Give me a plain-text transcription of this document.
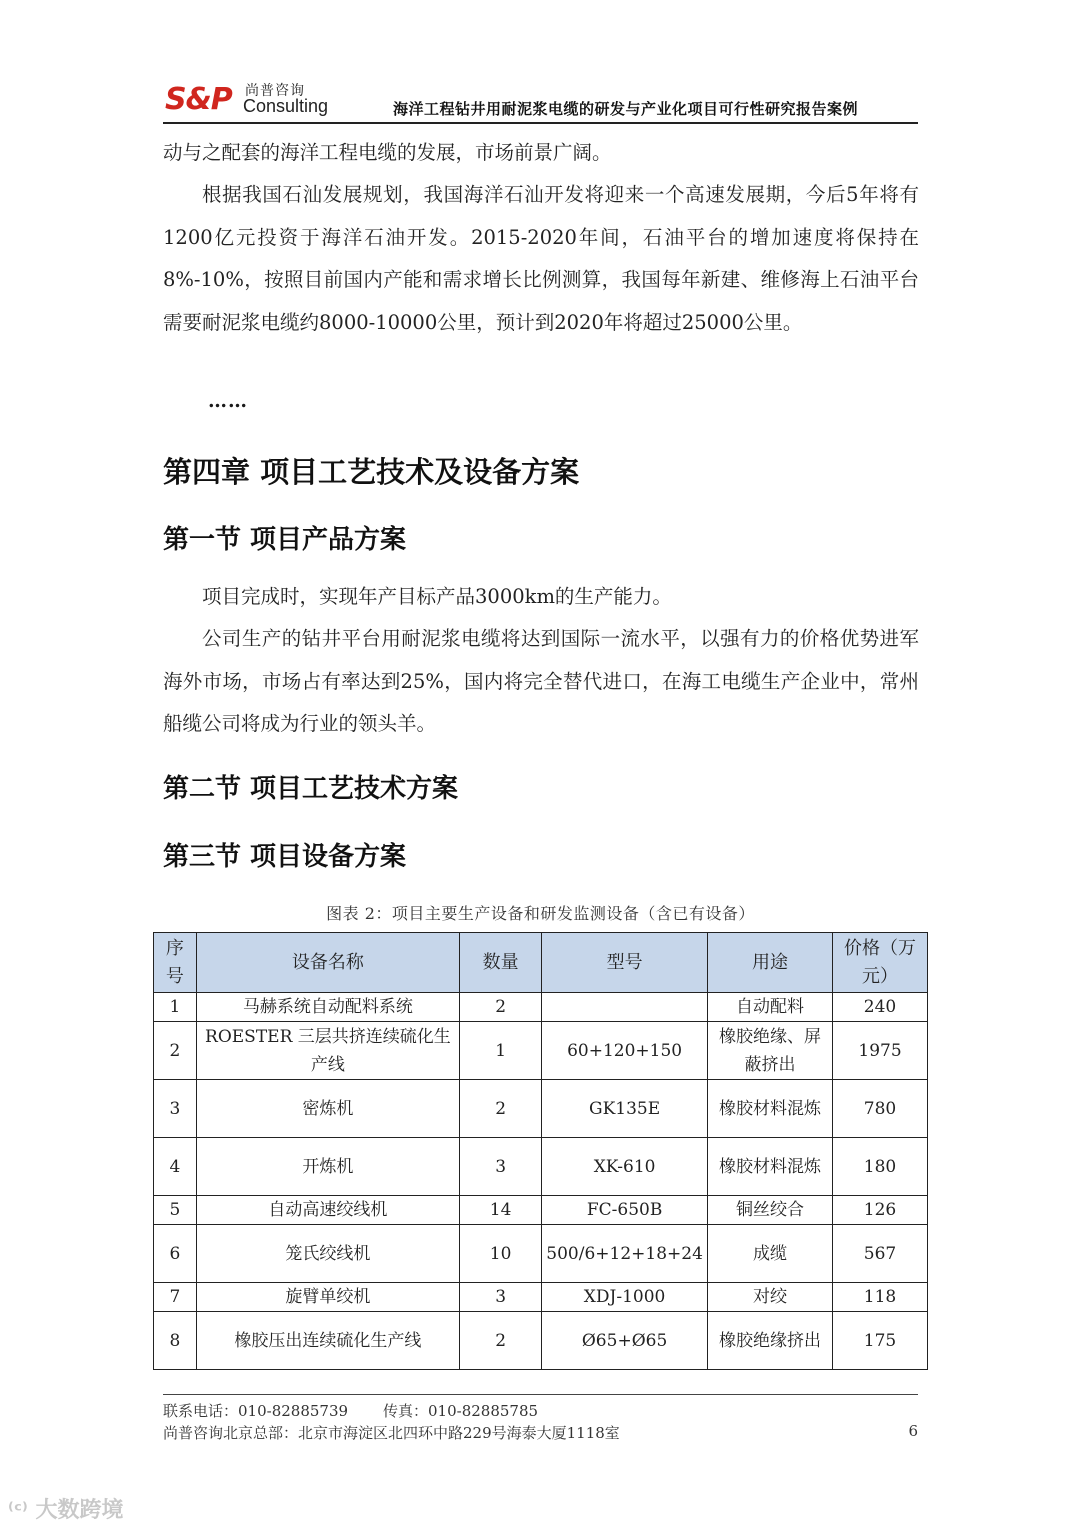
S&P 尚普咨询
Consulting	海洋工程钻井用耐泥浆电缆的研发与产业化项目可行性研究报告案例
动与之配套的海洋工程电缆的发展，市场前景广阔。
根据我国石汕发展规划，我国海洋石汕开发将迎来一个高速发展期，今后5年将有1200亿元投资于海洋石油开发。2015-2020年间，石油平台的增加速度将保持在8%-10%，按照目前国内产能和需求增长比例测算，我国每年新建、维修海上石油平台需要耐泥浆电缆约8000-10000公里，预计到2020年将超过25000公里。
……
第四章 项目工艺技术及设备方案
第一节 项目产品方案
项目完成时，实现年产目标产品3000km的生产能力。
公司生产的钻井平台用耐泥浆电缆将达到国际一流水平，以强有力的价格优势进军海外市场，市场占有率达到25%，国内将完全替代进口，在海工电缆生产企业中，常州船缆公司将成为行业的领头羊。
第二节 项目工艺技术方案
第三节 项目设备方案
图表 2：项目主要生产设备和研发监测设备（含已有设备）
序号	设备名称	数量	型号	用途	价格（万元）
1	马赫系统自动配料系统	2		自动配料	240
2	ROESTER 三层共挤连续硫化生产线	1	60+120+150	橡胶绝缘、屏蔽挤出	1975
3	密炼机	2	GK135E	橡胶材料混炼	780
4	开炼机	3	XK-610	橡胶材料混炼	180
5	自动高速绞线机	14	FC-650B	铜丝绞合	126
6	笼氏绞线机	10	500/6+12+18+24	成缆	567
7	旋臂单绞机	3	XDJ-1000	对绞	118
8	橡胶压出连续硫化生产线	2	Ø65+Ø65	橡胶绝缘挤出	175
联系电话：010-82885739 传真：010-82885785
尚普咨询北京总部：北京市海淀区北四环中路229号海泰大厦1118室	6
⁽ᶜ⁾ 大数跨境
